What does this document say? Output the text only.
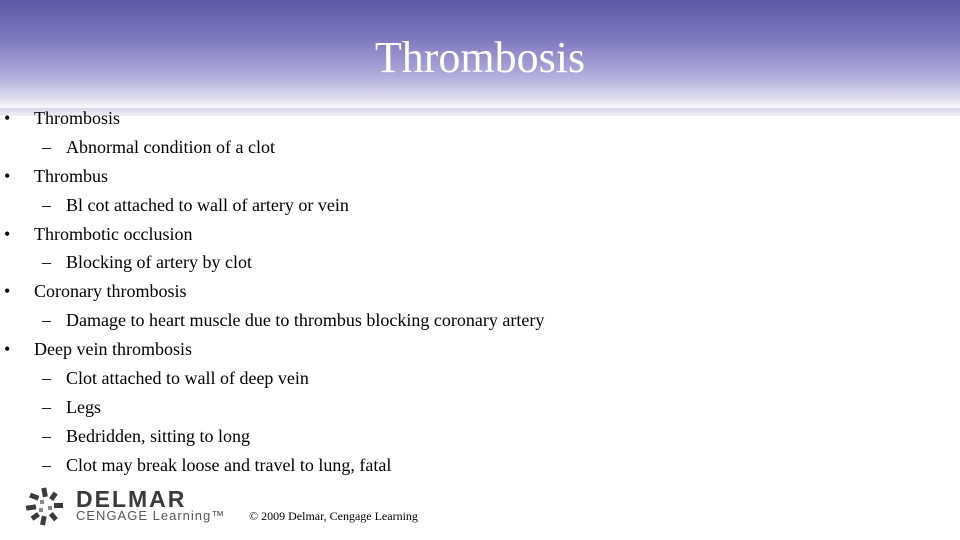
Thrombosis
•	Thrombosis
– Abnormal condition of a clot
•	Thrombus
– Bl cot attached to wall of artery or vein
•	Thrombotic occlusion
– Blocking of artery by clot
•	Coronary thrombosis
– Damage to heart muscle due to thrombus blocking coronary artery
•	Deep vein thrombosis
– Clot attached to wall of deep vein
– Legs
– Bedridden, sitting to long
– Clot may break loose and travel to lung, fatal
DELMAR
CENGAGE Learning™ © 2009 Delmar, Cengage Learning
